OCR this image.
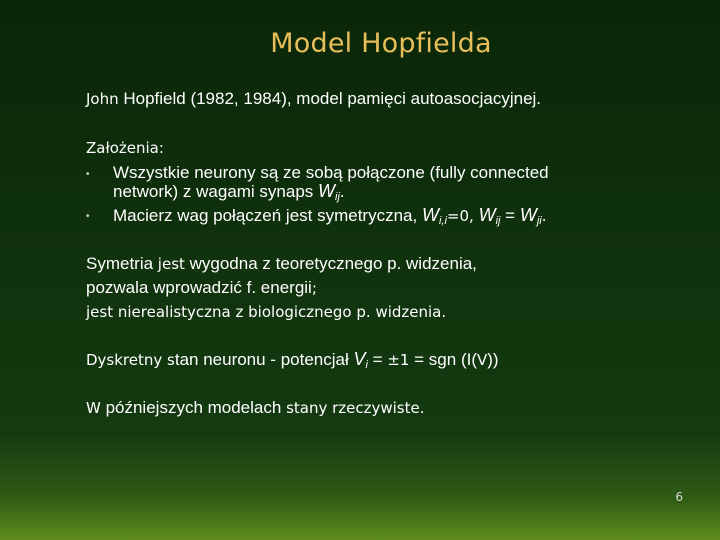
Model Hopfielda
John Hopfield (1982, 1984), model pamięci autoasocjacyjnej.
Założenia:
• Wszystkie neurony są ze sobą połączone (fully connected
network) z wagami synaps $W_{ij}$.
• Macierz wag połączeń jest symetryczna, $W_{i,i}=0$, $W_{ij} = W_{ji}$.
Symetria jest wygodna z teoretycznego p. widzenia,
pozwala wprowadzić f. energii;
jest nierealistyczna z biologicznego p. widzenia.
Dyskretny stan neuronu - potencjał $V_i = \pm 1$ = sgn (I(V))
W późniejszych modelach stany rzeczywiste.
6
